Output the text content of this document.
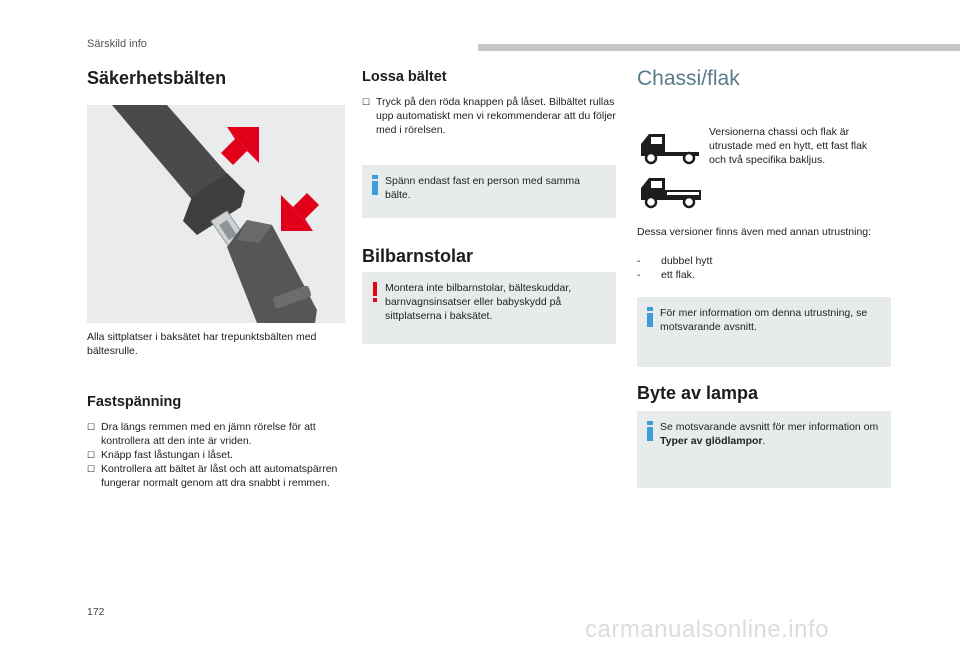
Särskild info
Säkerhetsbälten
Alla sittplatser i baksätet har trepunktsbälten med bältesrulle.
Fastspänning
☐ Dra längs remmen med en jämn rörelse för att kontrollera att den inte är vriden.
☐ Knäpp fast låstungan i låset.
☐ Kontrollera att bältet är låst och att automatspärren fungerar normalt genom att dra snabbt i remmen.
Lossa bältet
☐ Tryck på den röda knappen på låset. Bilbältet rullas upp automatiskt men vi rekommenderar att du följer med i rörelsen.
Spänn endast fast en person med samma bälte.
Bilbarnstolar
Montera inte bilbarnstolar, bälteskuddar, barnvagnsinsatser eller babyskydd på sittplatserna i baksätet.
Chassi/flak
Versionerna chassi och flak är utrustade med en hytt, ett fast flak och två specifika bakljus.
Dessa versioner finns även med annan utrustning:
- dubbel hytt
- ett flak.
För mer information om denna utrustning, se motsvarande avsnitt.
Byte av lampa
Se motsvarande avsnitt för mer information om Typer av glödlampor.
172
carmanualsonline.info
